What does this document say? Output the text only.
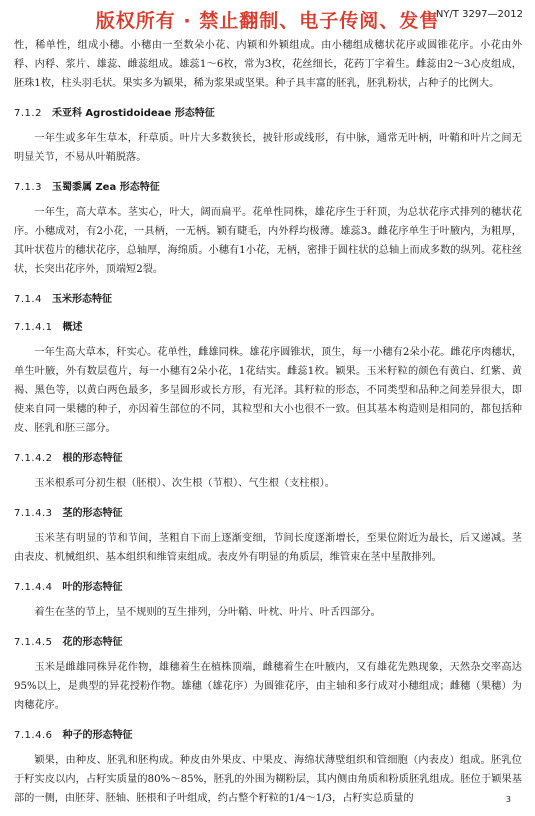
NY/T 3297—2012
版权所有 · 禁止翻制、电子传阅、发售

性，稀单性，组成小穗。小穗由一至数朵小花、内颖和外颖组成。由小穗组成穗状花序或圆锥花序。小花由外稃、内稃、浆片、雄蕊、雌蕊组成。雄蕊1～6枚，常为3枚，花丝细长，花药丁字着生。雌蕊由2～3心皮组成，胚珠1枚，柱头羽毛状。果实多为颖果，稀为浆果或坚果。种子具丰富的胚乳，胚乳粉状，占种子的比例大。

7.1.2 禾亚科 Agrostidoideae 形态特征

一年生或多年生草本，秆草质。叶片大多数狭长，披针形或线形，有中脉，通常无叶柄，叶鞘和叶片之间无明显关节，不易从叶鞘脱落。

7.1.3 玉蜀黍属 Zea 形态特征

一年生，高大草本。茎实心，叶大，阔而扁平。花单性同株，雄花序生于秆顶，为总状花序式排列的穗状花序。小穗成对，有2小花，一具柄，一无柄。颖有睫毛，内外稃均极薄。雄蕊3。雌花序单生于叶腋内，为粗厚，其叶状苞片的穗状花序，总轴厚，海绵质。小穗有1小花，无柄，密排于圆柱状的总轴上而成多数的纵列。花柱丝状，长突出花序外，顶端短2裂。

7.1.4 玉米形态特征
7.1.4.1 概述

一年生高大草本，秆实心。花单性，雌雄同株。雄花序圆锥状，顶生，每一小穗有2朵小花。雌花序肉穗状，单生叶腋，外有数层苞片，每一小穗有2朵小花，1花结实。雌蕊1枚。颖果。玉米籽粒的颜色有黄白、红紫、黄褐、黑色等，以黄白两色最多，多呈圆形或长方形，有光泽。其籽粒的形态，不同类型和品种之间差异很大，即使来自同一果穗的种子，亦因着生部位的不同，其粒型和大小也很不一致。但其基本构造则是相同的，都包括种皮、胚乳和胚三部分。

7.1.4.2 根的形态特征

玉米根系可分初生根（胚根）、次生根（节根）、气生根（支柱根）。

7.1.4.3 茎的形态特征

玉米茎有明显的节和节间，茎粗自下而上逐渐变细，节间长度逐渐增长，至果位附近为最长，后又递减。茎由表皮、机械组织、基本组织和维管束组成。表皮外有明显的角质层，维管束在茎中星散排列。

7.1.4.4 叶的形态特征

着生在茎的节上，呈不规则的互生排列，分叶鞘、叶枕、叶片、叶舌四部分。

7.1.4.5 花的形态特征

玉米是雌雄同株异花作物，雄穗着生在植株顶端，雌穗着生在叶腋内，又有雄花先熟现象，天然杂交率高达95%以上，是典型的异花授粉作物。雄穗（雄花序）为圆锥花序，由主轴和多行成对小穗组成；雌穗（果穗）为肉穗花序。

7.1.4.6 种子的形态特征

颖果，由种皮、胚乳和胚构成。种皮由外果皮、中果皮、海绵状薄壁组织和管细胞（内表皮）组成。胚乳位于籽实皮以内，占籽实质量的80%～85%，胚乳的外围为糊粉层，其内侧由角质和粉质胚乳组成。胚位于颖果基部的一侧，由胚芽、胚轴、胚根和子叶组成，约占整个籽粒的1/4～1/3，占籽实总质量的	3
